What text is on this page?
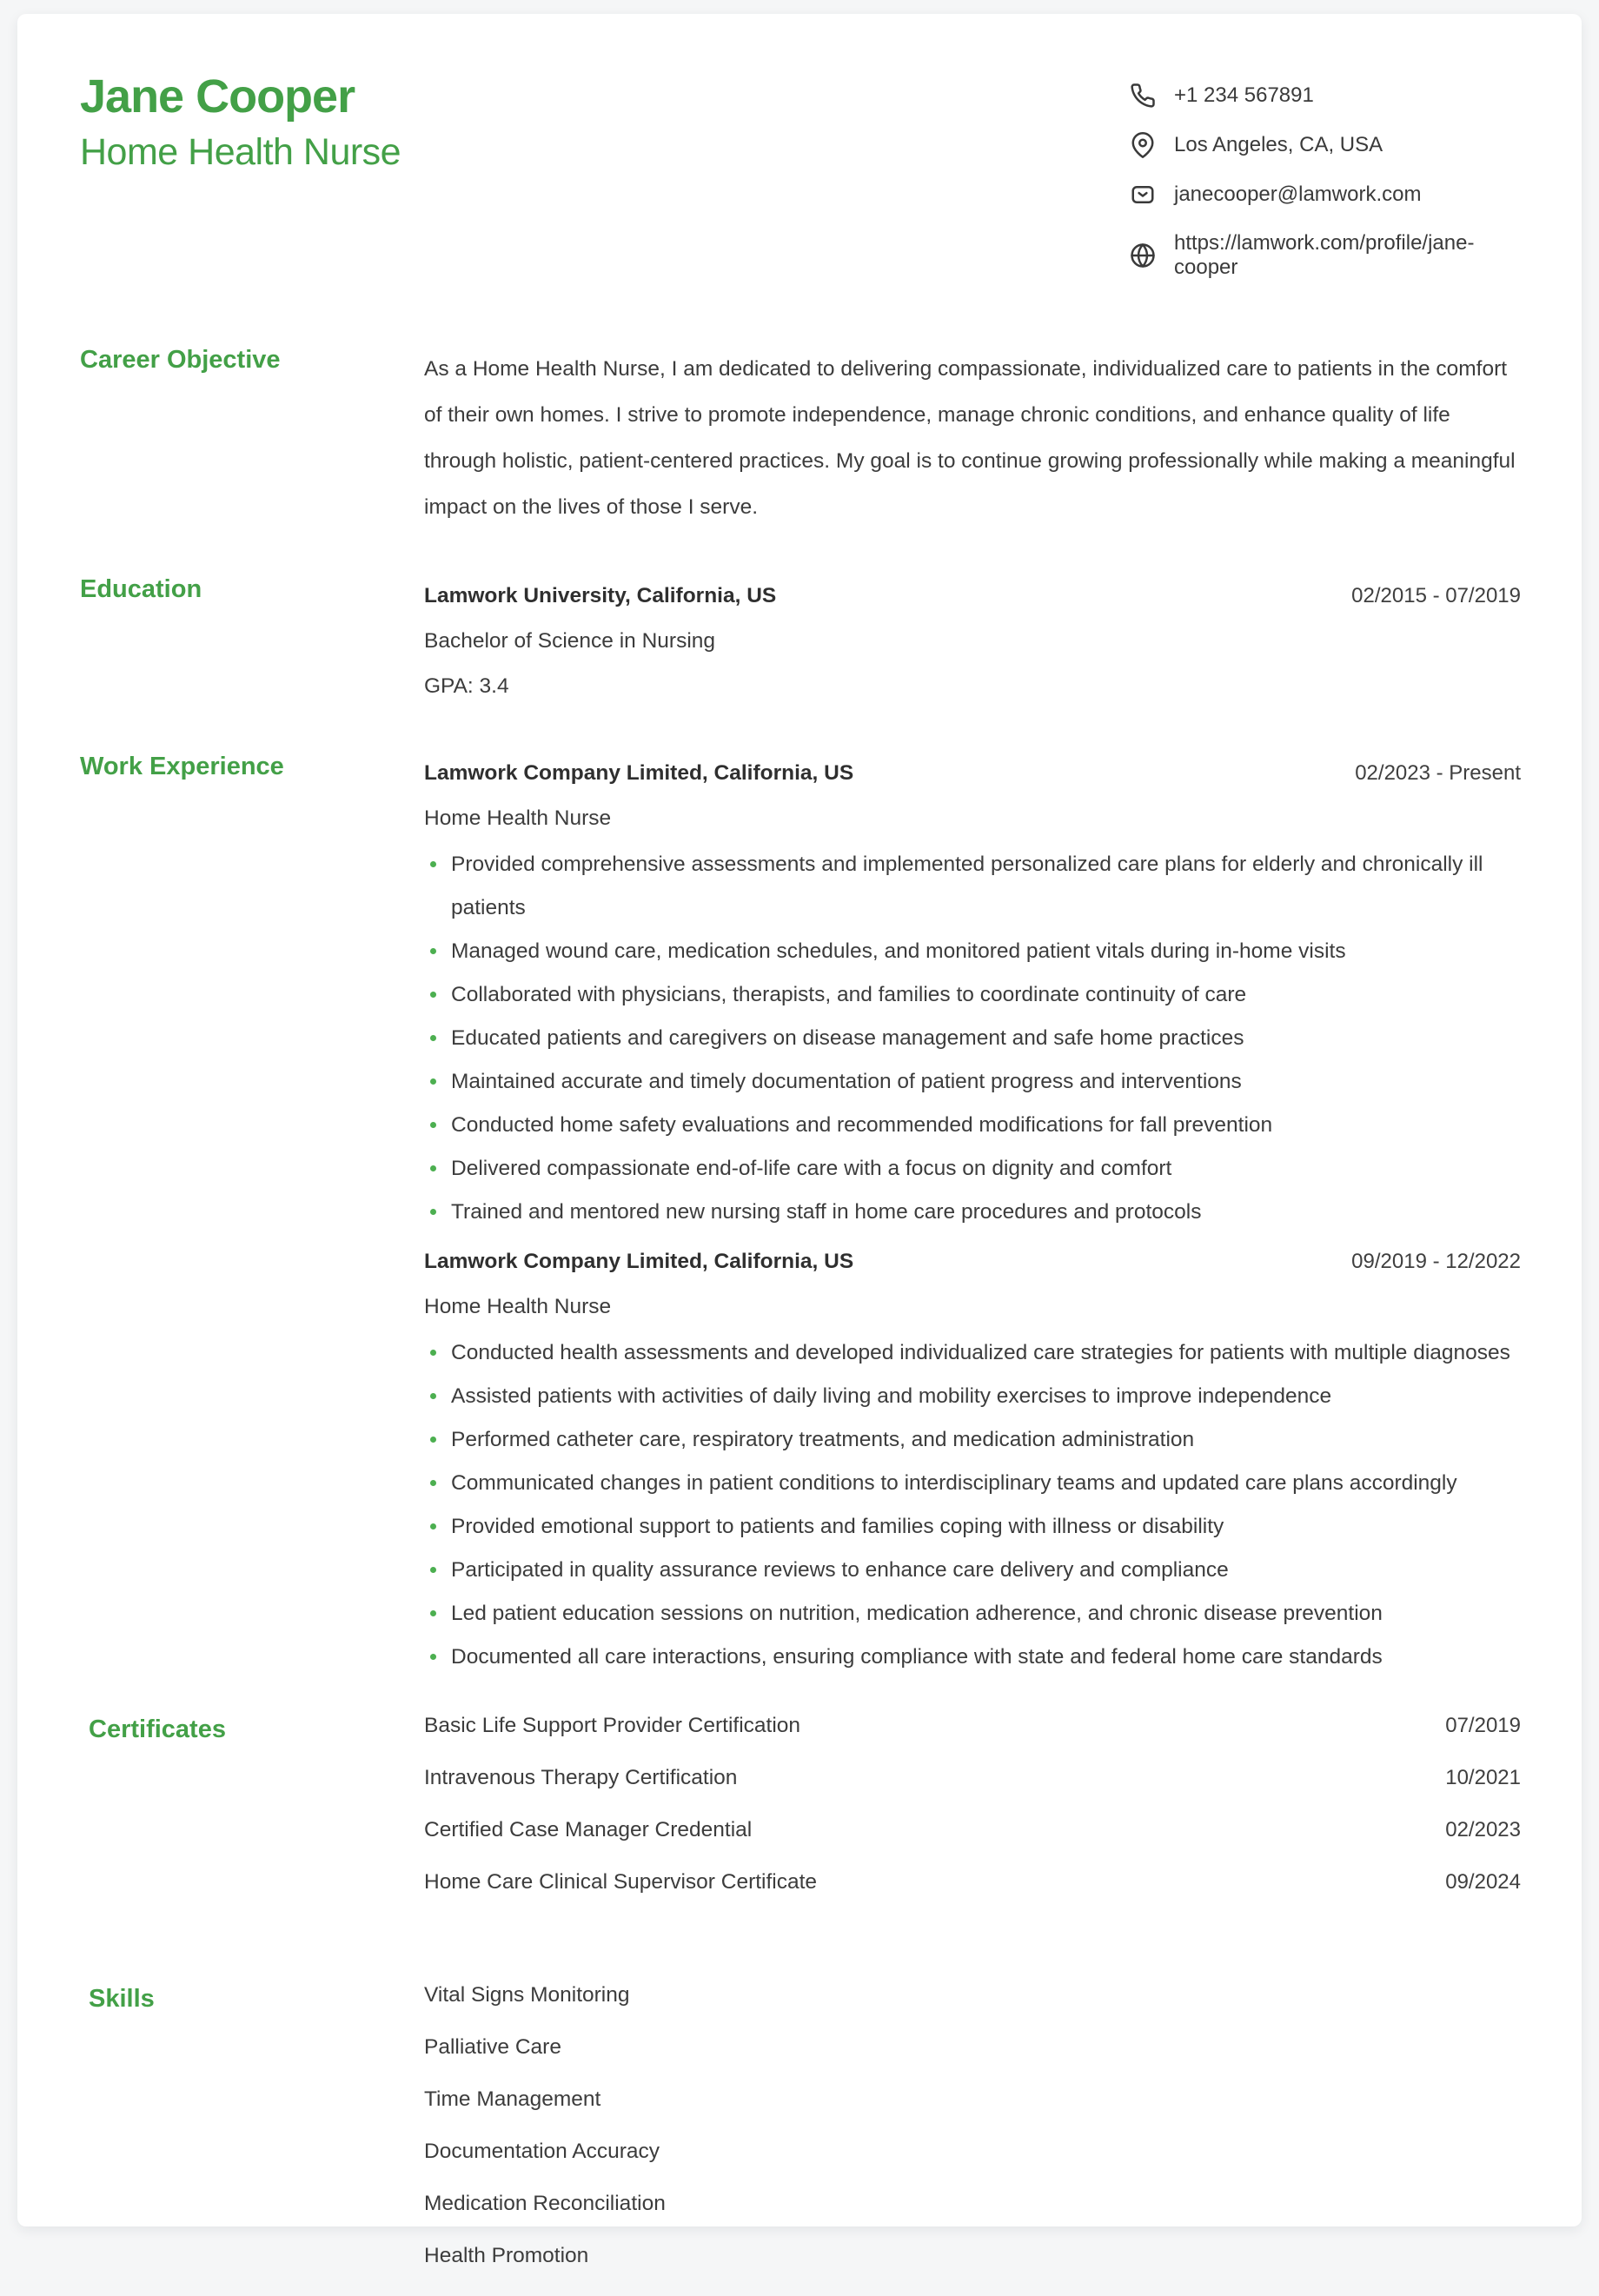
Jane Cooper
Home Health Nurse
+1 234 567891
Los Angeles, CA, USA
janecooper@lamwork.com
https://lamwork.com/profile/jane-cooper
Career Objective	As a Home Health Nurse, I am dedicated to delivering compassionate, individualized care to patients in the comfort of their own homes. I strive to promote independence, manage chronic conditions, and enhance quality of life through holistic, patient-centered practices. My goal is to continue growing professionally while making a meaningful impact on the lives of those I serve.

Education	Lamwork University, California, US	02/2015 - 07/2019
Bachelor of Science in Nursing
GPA: 3.4
Work Experience	Lamwork Company Limited, California, US	02/2023 - Present
Home Health Nurse
Provided comprehensive assessments and implemented personalized care plans for elderly and chronically ill patients
Managed wound care, medication schedules, and monitored patient vitals during in-home visits
Collaborated with physicians, therapists, and families to coordinate continuity of care
Educated patients and caregivers on disease management and safe home practices
Maintained accurate and timely documentation of patient progress and interventions
Conducted home safety evaluations and recommended modifications for fall prevention
Delivered compassionate end-of-life care with a focus on dignity and comfort
Trained and mentored new nursing staff in home care procedures and protocols
Lamwork Company Limited, California, US	09/2019 - 12/2022
Home Health Nurse
Conducted health assessments and developed individualized care strategies for patients with multiple diagnoses
Assisted patients with activities of daily living and mobility exercises to improve independence
Performed catheter care, respiratory treatments, and medication administration
Communicated changes in patient conditions to interdisciplinary teams and updated care plans accordingly
Provided emotional support to patients and families coping with illness or disability
Participated in quality assurance reviews to enhance care delivery and compliance
Led patient education sessions on nutrition, medication adherence, and chronic disease prevention
Documented all care interactions, ensuring compliance with state and federal home care standards
Certificates	Basic Life Support Provider Certification	07/2019
Intravenous Therapy Certification	10/2021
Certified Case Manager Credential	02/2023
Home Care Clinical Supervisor Certificate	09/2024
Skills	Vital Signs Monitoring
Palliative Care
Time Management
Documentation Accuracy
Medication Reconciliation
Health Promotion
